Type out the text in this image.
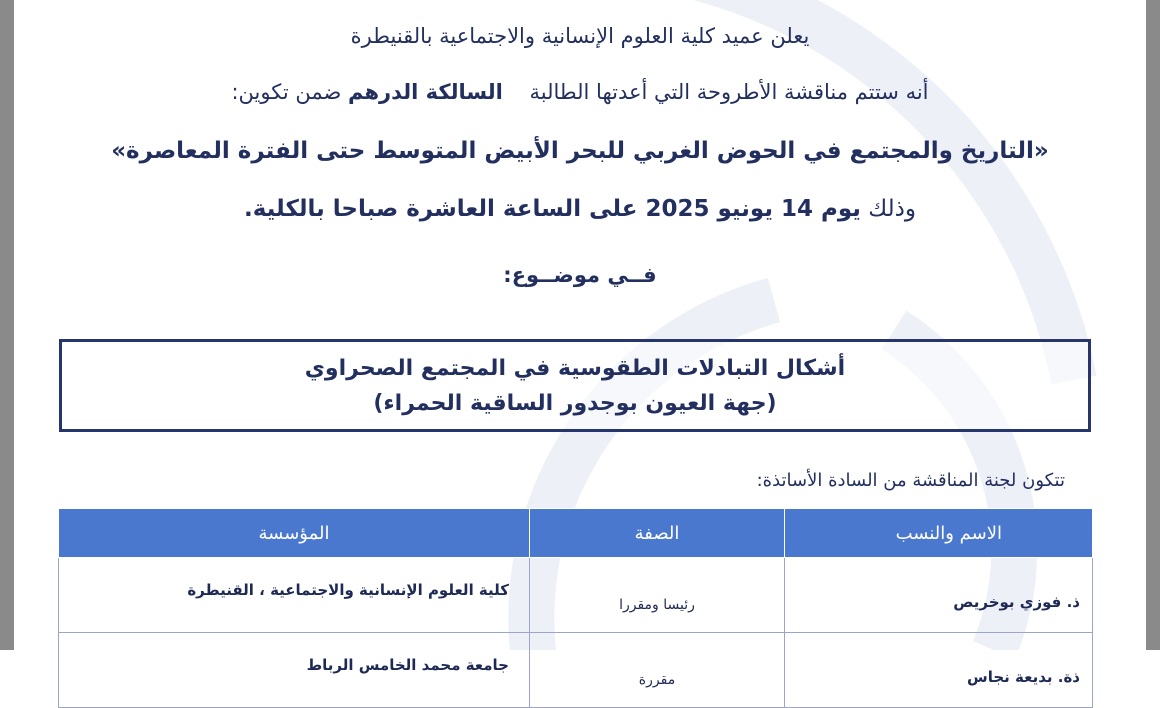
يعلن عميد كلية العلوم الإنسانية والاجتماعية بالقنيطرة
أنه ستتم مناقشة الأطروحة التي أعدتها الطالبة    السالكة الدرهم ضمن تكوين:
«التاريخ والمجتمع في الحوض الغربي للبحر الأبيض المتوسط حتى الفترة المعاصرة»
وذلك يوم 14 يونيو 2025 على الساعة العاشرة صباحا بالكلية.
فــي موضــوع:
أشكال التبادلات الطقوسية في المجتمع الصحراوي
(جهة العيون بوجدور الساقية الحمراء)
تتكون لجنة المناقشة من السادة الأساتذة:
الاسم والنسب	الصفة	المؤسسة
ذ. فوزي بوخريص	رئيسا ومقررا	كلية العلوم الإنسانية والاجتماعية ، القنيطرة
ذة. بديعة نجاس	مقررة	جامعة محمد الخامس الرباط
